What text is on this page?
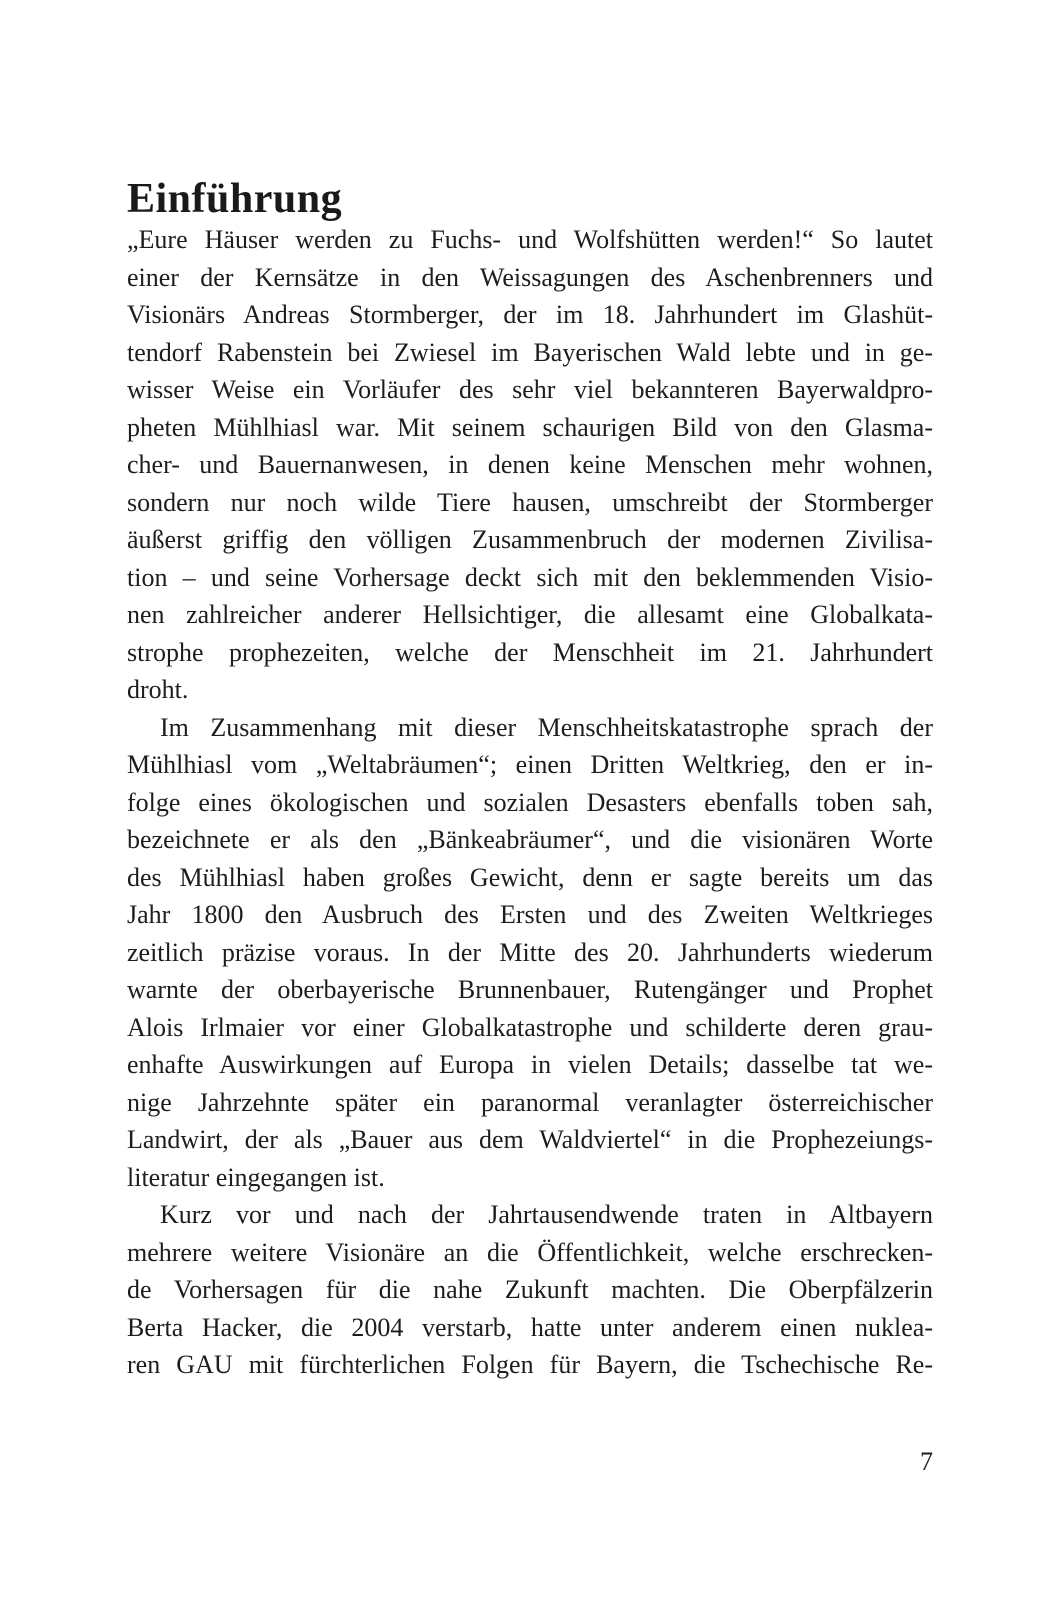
Einführung
„Eure Häuser werden zu Fuchs- und Wolfshütten werden!“ So lautet
einer der Kernsätze in den Weissagungen des Aschenbrenners und
Visionärs Andreas Stormberger, der im 18. Jahrhundert im Glashüt-
tendorf Rabenstein bei Zwiesel im Bayerischen Wald lebte und in ge-
wisser Weise ein Vorläufer des sehr viel bekannteren Bayerwaldpro-
pheten Mühlhiasl war. Mit seinem schaurigen Bild von den Glasma-
cher- und Bauernanwesen, in denen keine Menschen mehr wohnen,
sondern nur noch wilde Tiere hausen, umschreibt der Stormberger
äußerst griffig den völligen Zusammenbruch der modernen Zivilisa-
tion – und seine Vorhersage deckt sich mit den beklemmenden Visio-
nen zahlreicher anderer Hellsichtiger, die allesamt eine Globalkata-
strophe prophezeiten, welche der Menschheit im 21. Jahrhundert
droht.
Im Zusammenhang mit dieser Menschheitskatastrophe sprach der
Mühlhiasl vom „Weltabräumen“; einen Dritten Weltkrieg, den er in-
folge eines ökologischen und sozialen Desasters ebenfalls toben sah,
bezeichnete er als den „Bänkeabräumer“, und die visionären Worte
des Mühlhiasl haben großes Gewicht, denn er sagte bereits um das
Jahr 1800 den Ausbruch des Ersten und des Zweiten Weltkrieges
zeitlich präzise voraus. In der Mitte des 20. Jahrhunderts wiederum
warnte der oberbayerische Brunnenbauer, Rutengänger und Prophet
Alois Irlmaier vor einer Globalkatastrophe und schilderte deren grau-
enhafte Auswirkungen auf Europa in vielen Details; dasselbe tat we-
nige Jahrzehnte später ein paranormal veranlagter österreichischer
Landwirt, der als „Bauer aus dem Waldviertel“ in die Prophezeiungs-
literatur eingegangen ist.
Kurz vor und nach der Jahrtausendwende traten in Altbayern
mehrere weitere Visionäre an die Öffentlichkeit, welche erschrecken-
de Vorhersagen für die nahe Zukunft machten. Die Oberpfälzerin
Berta Hacker, die 2004 verstarb, hatte unter anderem einen nuklea-
ren GAU mit fürchterlichen Folgen für Bayern, die Tschechische Re-
7
